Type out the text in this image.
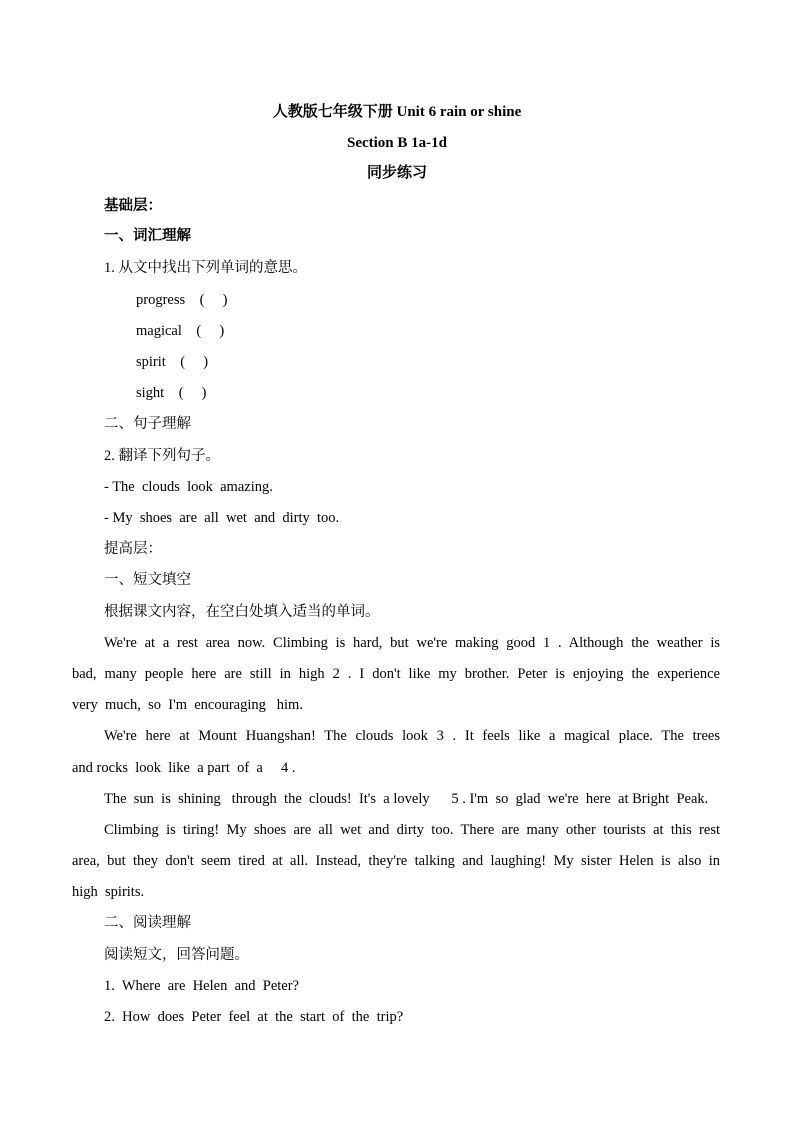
人教版七年级下册 Unit 6 rain or shine
Section B 1a-1d
同步练习
基础层：
一、词汇理解
1. 从文中找出下列单词的意思。
progress    (     )
magical    (     )
spirit    (     )
sight    (     )
二、句子理解
2. 翻译下列句子。
- The  clouds  look  amazing.
- My  shoes  are  all  wet  and  dirty  too.
提高层：
一、短文填空
根据课文内容，在空白处填入适当的单词。
We're at a rest area now. Climbing is hard, but we're making good 1 . Although the weather is
bad, many people here are still in high 2 . I don't like my brother. Peter is enjoying the experience
very  much,  so  I'm  encouraging   him.
We're here at Mount Huangshan! The clouds look 3 . It feels like a magical place. The trees
and rocks  look  like  a part  of  a     4 .
The  sun  is  shining   through  the  clouds!  It's  a lovely      5 . I'm  so  glad  we're  here  at Bright  Peak.
Climbing is tiring! My shoes are all wet and dirty too. There are many other tourists at this rest
area, but they don't seem tired at all. Instead, they're talking and laughing! My sister Helen is also in
high  spirits.
二、阅读理解
阅读短文，回答问题。
1.  Where  are  Helen  and  Peter?
2.  How  does  Peter  feel  at  the  start  of  the  trip?
